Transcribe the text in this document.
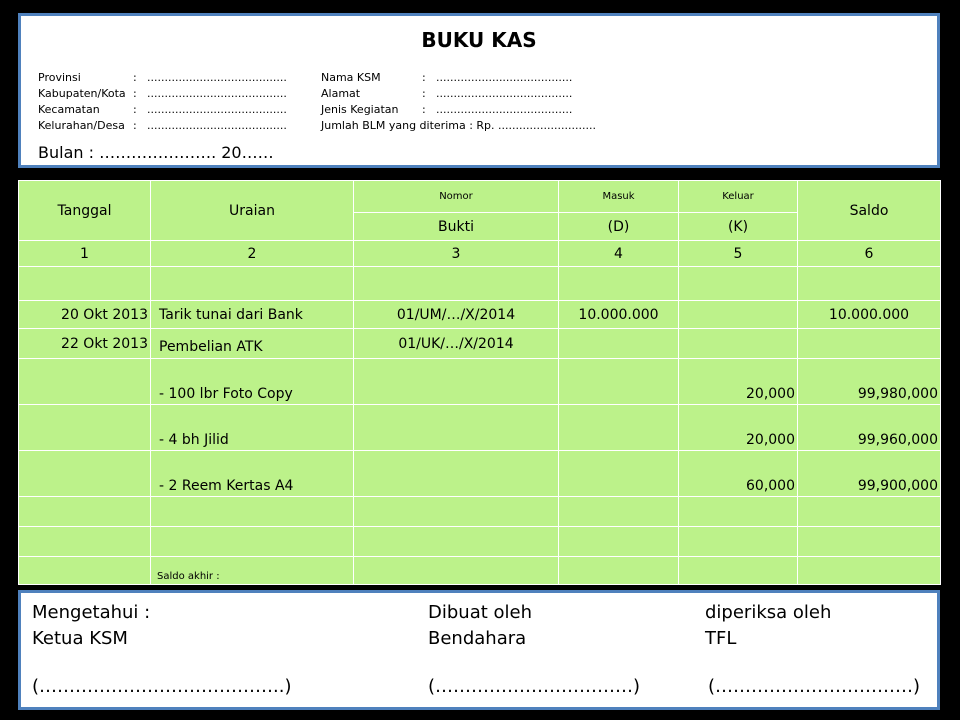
BUKU KAS
Provinsi	: ........................................
Kabupaten/Kota : ........................................
Kecamatan	: ........................................
Kelurahan/Desa : ........................................
Nama KSM	: .......................................
Alamat	: .......................................
Jenis Kegiatan : .......................................
Jumlah BLM yang diterima : Rp. ............................
Bulan : …………………. 20……
Tanggal	Uraian	Nomor	Masuk	Keluar	Saldo
		Bukti	(D)	(K)	
1	2	3	4	5	6

20 Okt 2013	Tarik tunai dari Bank	01/UM/…/X/2014	10.000.000		10.000.000
22 Okt 2013	Pembelian ATK	01/UK/…/X/2014			
	- 100 lbr Foto Copy			20,000	99,980,000
	- 4 bh Jilid			20,000	99,960,000
	- 2 Reem Kertas A4			60,000	99,900,000

	Saldo akhir :				
Mengetahui :
Ketua KSM
(…………………………………..)
Dibuat oleh
Bendahara
(……………………………)
diperiksa oleh
TFL
(……………………………)
